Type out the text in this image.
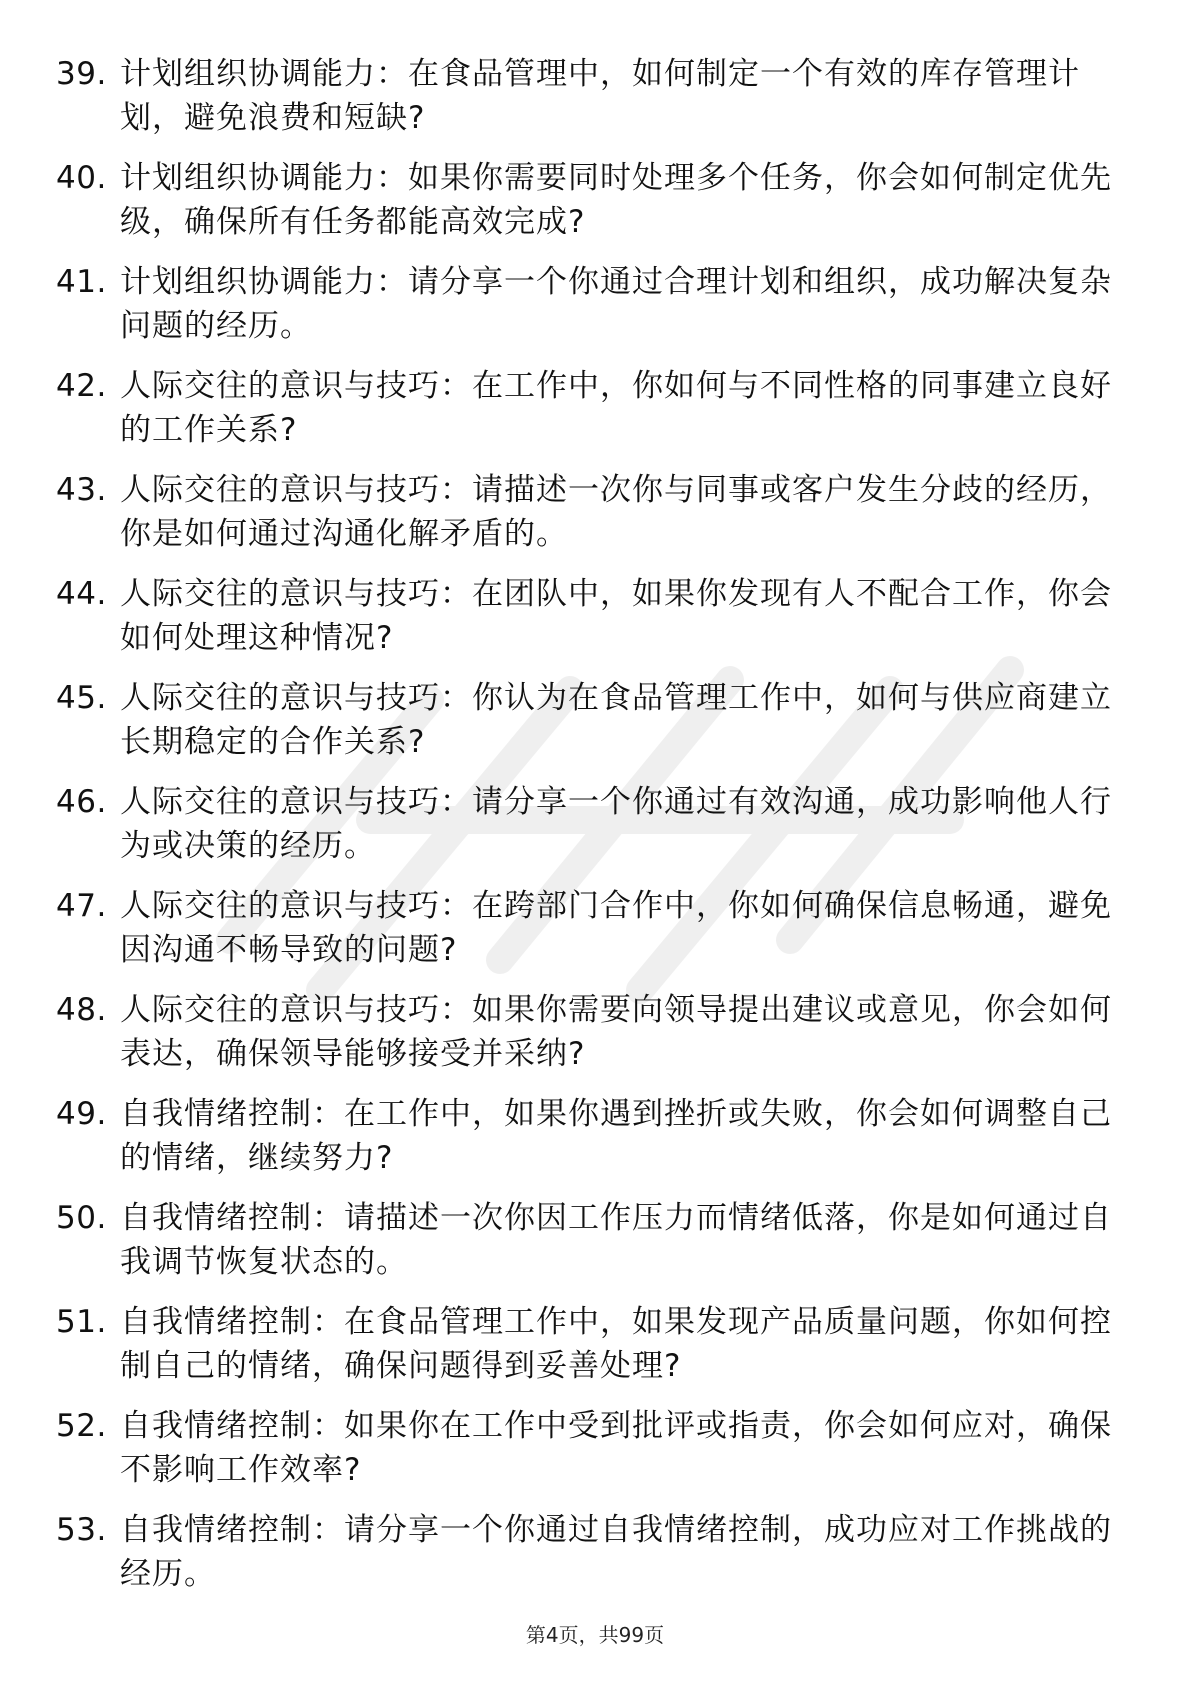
39. 计划组织协调能力：在食品管理中，如何制定一个有效的库存管理计划，避免浪费和短缺?
40. 计划组织协调能力：如果你需要同时处理多个任务，你会如何制定优先级，确保所有任务都能高效完成?
41. 计划组织协调能力：请分享一个你通过合理计划和组织，成功解决复杂问题的经历。
42. 人际交往的意识与技巧：在工作中，你如何与不同性格的同事建立良好的工作关系?
43. 人际交往的意识与技巧：请描述一次你与同事或客户发生分歧的经历，你是如何通过沟通化解矛盾的。
44. 人际交往的意识与技巧：在团队中，如果你发现有人不配合工作，你会如何处理这种情况?
45. 人际交往的意识与技巧：你认为在食品管理工作中，如何与供应商建立长期稳定的合作关系?
46. 人际交往的意识与技巧：请分享一个你通过有效沟通，成功影响他人行为或决策的经历。
47. 人际交往的意识与技巧：在跨部门合作中，你如何确保信息畅通，避免因沟通不畅导致的问题?
48. 人际交往的意识与技巧：如果你需要向领导提出建议或意见，你会如何表达，确保领导能够接受并采纳?
49. 自我情绪控制：在工作中，如果你遇到挫折或失败，你会如何调整自己的情绪，继续努力?
50. 自我情绪控制：请描述一次你因工作压力而情绪低落，你是如何通过自我调节恢复状态的。
51. 自我情绪控制：在食品管理工作中，如果发现产品质量问题，你如何控制自己的情绪，确保问题得到妥善处理?
52. 自我情绪控制：如果你在工作中受到批评或指责，你会如何应对，确保不影响工作效率?
53. 自我情绪控制：请分享一个你通过自我情绪控制，成功应对工作挑战的经历。
第4页，共99页
